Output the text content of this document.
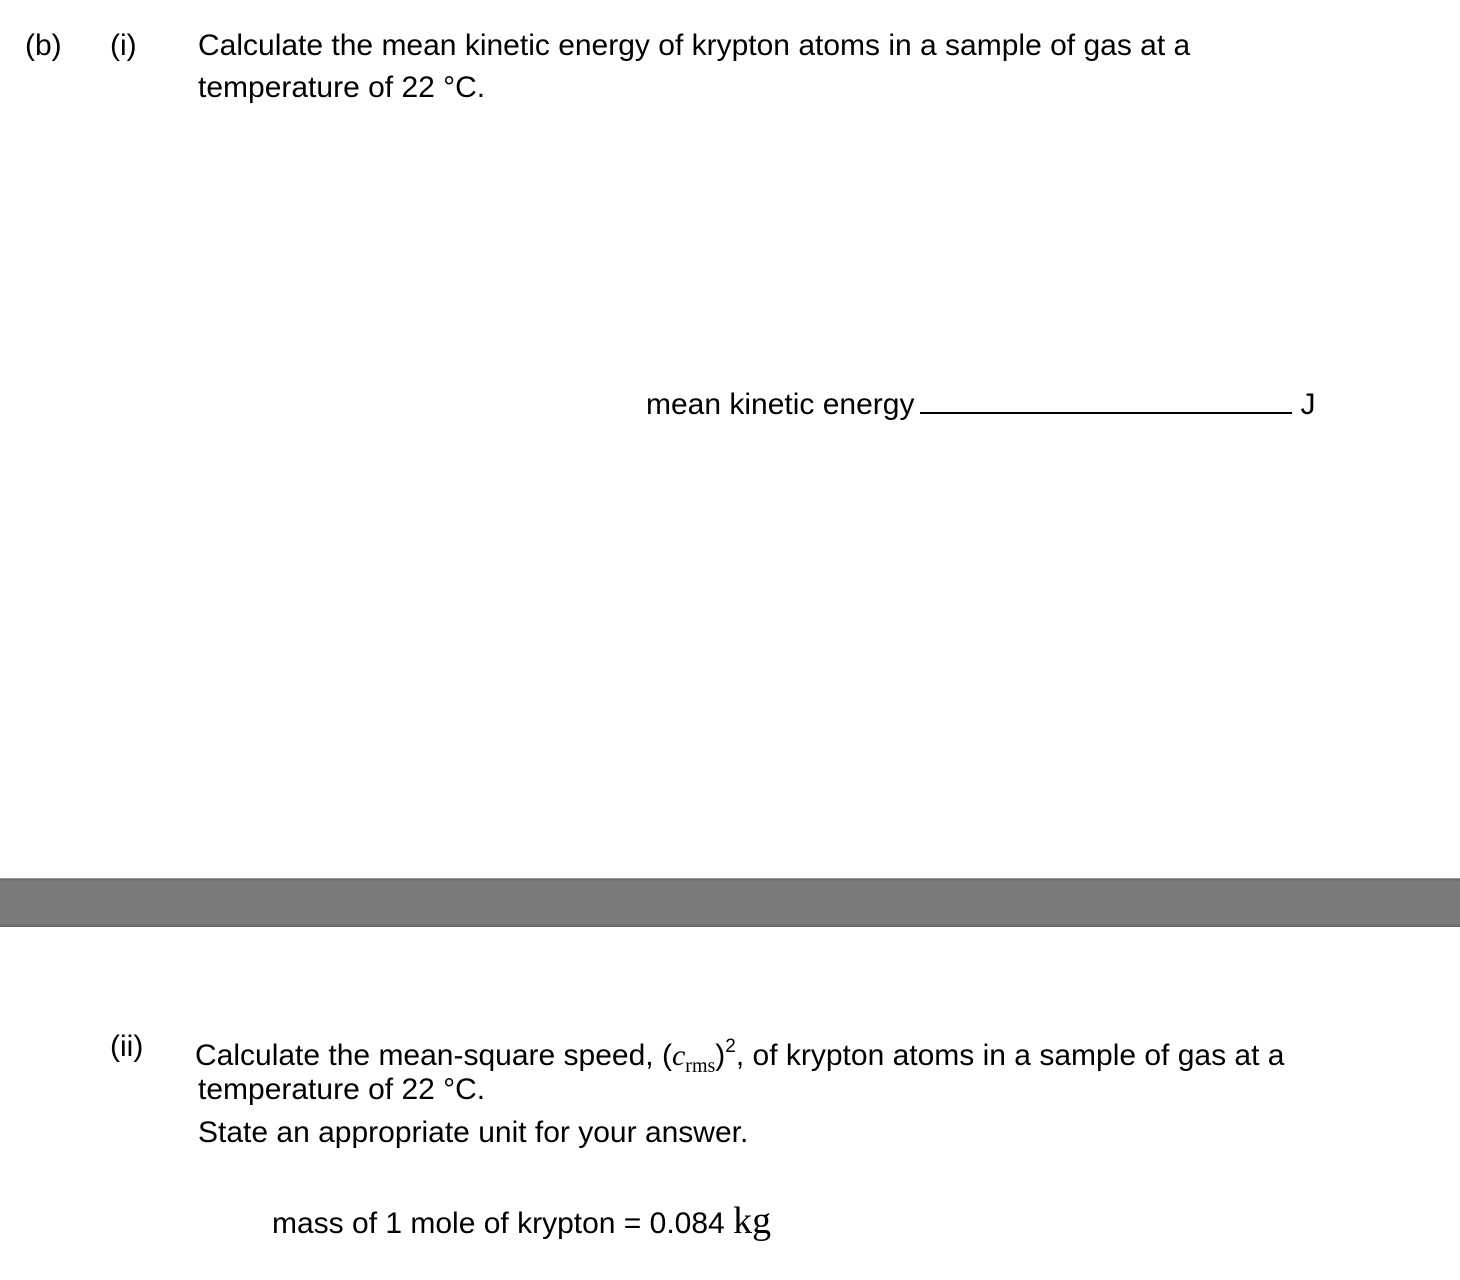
(b) (i) Calculate the mean kinetic energy of krypton atoms in a sample of gas at a
temperature of 22 °C.
mean kinetic energy	J
(ii) Calculate the mean-square speed, $(c_{rms})^2$, of krypton atoms in a sample of gas at a
temperature of 22 °C.
State an appropriate unit for your answer.
mass of 1 mole of krypton = 0.084 kg
